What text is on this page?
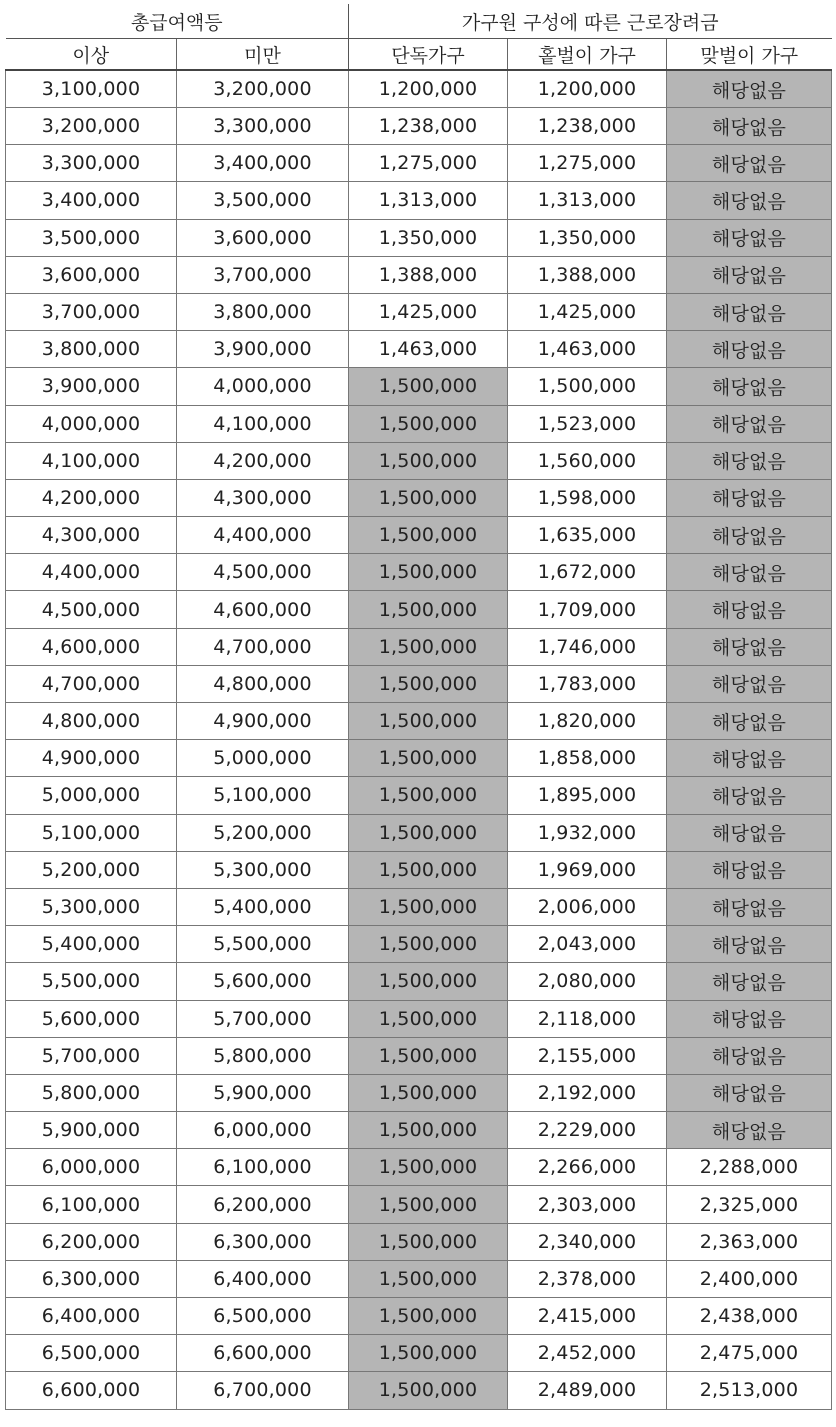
총급여액등		가구원 구성에 따른 근로장려금		
이상	미만	단독가구	홑벌이 가구	맞벌이 가구
3,100,000	3,200,000	1,200,000	1,200,000	해당없음
3,200,000	3,300,000	1,238,000	1,238,000	해당없음
3,300,000	3,400,000	1,275,000	1,275,000	해당없음
3,400,000	3,500,000	1,313,000	1,313,000	해당없음
3,500,000	3,600,000	1,350,000	1,350,000	해당없음
3,600,000	3,700,000	1,388,000	1,388,000	해당없음
3,700,000	3,800,000	1,425,000	1,425,000	해당없음
3,800,000	3,900,000	1,463,000	1,463,000	해당없음
3,900,000	4,000,000	1,500,000	1,500,000	해당없음
4,000,000	4,100,000	1,500,000	1,523,000	해당없음
4,100,000	4,200,000	1,500,000	1,560,000	해당없음
4,200,000	4,300,000	1,500,000	1,598,000	해당없음
4,300,000	4,400,000	1,500,000	1,635,000	해당없음
4,400,000	4,500,000	1,500,000	1,672,000	해당없음
4,500,000	4,600,000	1,500,000	1,709,000	해당없음
4,600,000	4,700,000	1,500,000	1,746,000	해당없음
4,700,000	4,800,000	1,500,000	1,783,000	해당없음
4,800,000	4,900,000	1,500,000	1,820,000	해당없음
4,900,000	5,000,000	1,500,000	1,858,000	해당없음
5,000,000	5,100,000	1,500,000	1,895,000	해당없음
5,100,000	5,200,000	1,500,000	1,932,000	해당없음
5,200,000	5,300,000	1,500,000	1,969,000	해당없음
5,300,000	5,400,000	1,500,000	2,006,000	해당없음
5,400,000	5,500,000	1,500,000	2,043,000	해당없음
5,500,000	5,600,000	1,500,000	2,080,000	해당없음
5,600,000	5,700,000	1,500,000	2,118,000	해당없음
5,700,000	5,800,000	1,500,000	2,155,000	해당없음
5,800,000	5,900,000	1,500,000	2,192,000	해당없음
5,900,000	6,000,000	1,500,000	2,229,000	해당없음
6,000,000	6,100,000	1,500,000	2,266,000	2,288,000
6,100,000	6,200,000	1,500,000	2,303,000	2,325,000
6,200,000	6,300,000	1,500,000	2,340,000	2,363,000
6,300,000	6,400,000	1,500,000	2,378,000	2,400,000
6,400,000	6,500,000	1,500,000	2,415,000	2,438,000
6,500,000	6,600,000	1,500,000	2,452,000	2,475,000
6,600,000	6,700,000	1,500,000	2,489,000	2,513,000
